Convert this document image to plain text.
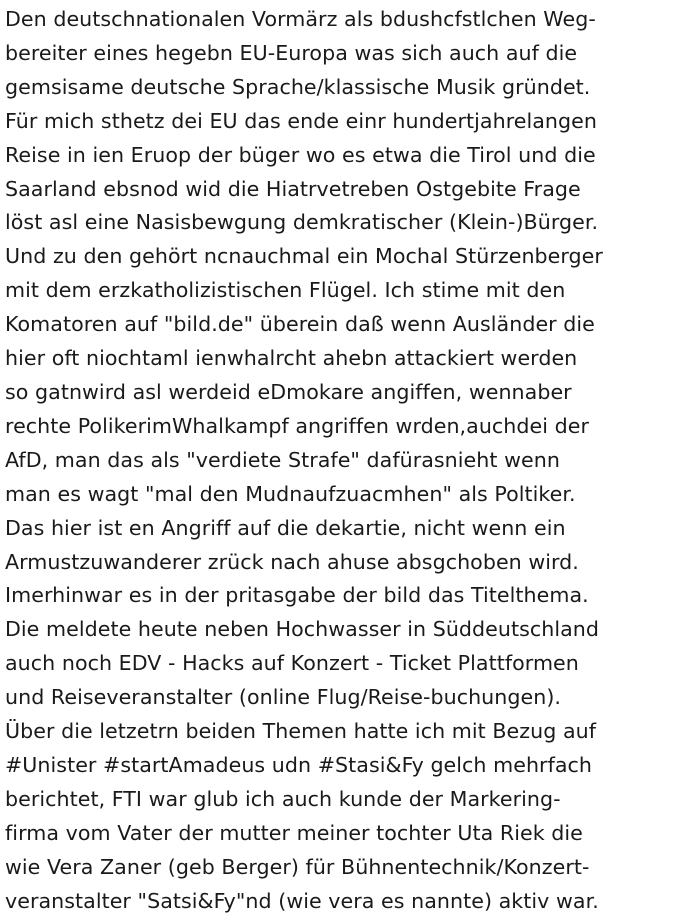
Den deutschnationalen Vormärz als bdushcfstlchen Weg-
bereiter eines hegebn EU-Europa was sich auch auf die
gemsisame deutsche Sprache/klassische Musik gründet.
Für mich sthetz dei EU das ende einr hundertjahrelangen
Reise in ien Eruop der büger wo es etwa die Tirol und die
Saarland ebsnod wid die Hiatrvetreben Ostgebite Frage
löst asl eine Nasisbewgung demkratischer (Klein-)Bürger.
Und zu den gehört ncnauchmal ein Mochal Stürzenberger
mit dem erzkatholizistischen Flügel. Ich stime mit den
Komatoren auf "bild.de" überein daß wenn Ausländer die
hier oft niochtaml ienwhalrcht ahebn attackiert werden
so gatnwird asl werdeid eDmokare angiffen, wennaber
rechte PolikerimWhalkampf angriffen wrden,auchdei der
AfD, man das als "verdiete Strafe" dafürasnieht wenn
man es wagt "mal den Mudnaufzuacmhen" als Poltiker.
Das hier ist en Angriff auf die dekartie, nicht wenn ein
Armustzuwanderer zrück nach ahuse absgchoben wird.
Imerhinwar es in der pritasgabe der bild das Titelthema.
Die meldete heute neben Hochwasser in Süddeutschland
auch noch EDV - Hacks auf Konzert - Ticket Plattformen
und Reiseveranstalter (online Flug/Reise-buchungen).
Über die letzetrn beiden Themen hatte ich mit Bezug auf
#Unister #startAmadeus udn #Stasi&Fy gelch mehrfach
berichtet, FTI war glub ich auch kunde der Markering-
firma vom Vater der mutter meiner tochter Uta Riek die
wie Vera Zaner (geb Berger) für Bühnentechnik/Konzert-
veranstalter "Satsi&Fy"nd (wie vera es nannte) aktiv war.
